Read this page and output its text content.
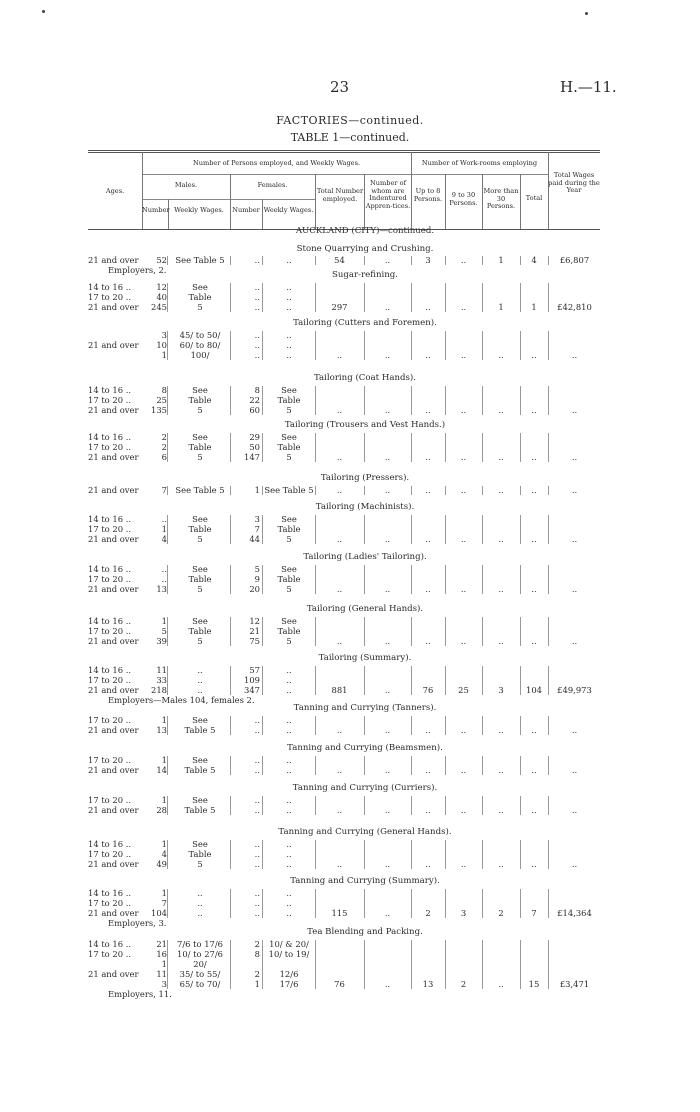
23	H.—11.
FACTORIES—continued.
TABLE 1—continued.
Ages.
Number of Persons employed, and Weekly Wages.
Males.	Females.
Number Weekly Wages.	Number Weekly Wages.
Total Number employed.
Number of whom are Indentured Appren-tices.
Number of Work-rooms employing
Up to 8 Persons.	9 to 30 Persons.
More than 30 Persons.
Total
Total Wages paid during the Year
AUCKLAND (CITY)—continued.
Stone Quarrying and Crushing.
21 and over	52 See Table 5	..	..	54	..	3	..	1	4	£6,807
Employers, 2.	Sugar-refining.
14 to 16 ..	12	See	..	..
17 to 20 ..	40	Table	..	..
21 and over	245	5	..	..	297	..	..	..	1	1	£42,810
Tailoring (Cutters and Foremen).
3	45/ to 50/	..	..
21 and over	10	60/ to 80/	..	..
1	100/	..	..	..	..	..	..	..	..	..
Tailoring (Coat Hands).
14 to 16 ..	8	See	8	See
17 to 20 ..	25	Table	22	Table
21 and over	135	5	60	5	..	..	..	..	..	..	..
Tailoring (Trousers and Vest Hands.)
14 to 16 ..	2	See	29	See
17 to 20 ..	2	Table	50	Table
21 and over	6	5	147	5	..	..	..	..	..	..	..
Tailoring (Pressers).
21 and over	7 See Table 5	1 See Table 5	..	..	..	..	..	..	..
Tailoring (Machinists).
14 to 16 ..	..	See	3	See
17 to 20 ..	1	Table	7	Table
21 and over	4	5	44	5	..	..	..	..	..	..	..
Tailoring (Ladies' Tailoring).
14 to 16 ..	..	See	5	See
17 to 20 ..	..	Table	9	Table
21 and over	13	5	20	5	..	..	..	..	..	..	..
Tailoring (General Hands).
14 to 16 ..	1	See	12	See
17 to 20 ..	5	Table	21	Table
21 and over	39	5	75	5	..	..	..	..	..	..	..
Tailoring (Summary).
14 to 16 ..	11	..	57	..
17 to 20 ..	33	..	109	..
21 and over	218	..	347	..	881	..	76	25	3	104	£49,973
Employers—Males 104, females 2.
Tanning and Currying (Tanners).
17 to 20 ..	1	See	..	..
21 and over	13	Table 5	..	..	..	..	..	..	..	..	..
Tanning and Currying (Beamsmen).
17 to 20 ..	1	See	..	..
21 and over	14	Table 5	..	..	..	..	..	..	..	..	..
Tanning and Currying (Curriers).
17 to 20 ..	1	See	..	..
21 and over	28	Table 5	..	..	..	..	..	..	..	..	..
Tanning and Currying (General Hands).
14 to 16 ..	1	See	..	..
17 to 20 ..	4	Table	..	..
21 and over	49	5	..	..	..	..	..	..	..	..	..
Tanning and Currying (Summary).
14 to 16 ..	1	..	..	..
17 to 20 ..	7	..	..	..
21 and over	104	..	..	..	115	..	2	3	2	7	£14,364
Employers, 3.
Tea Blending and Packing.
14 to 16 ..	21	7/6 to 17/6	2	10/ & 20/
17 to 20 ..	16	10/ to 27/6	8	10/ to 19/
1	20/
21 and over	11	35/ to 55/	2	12/6
3	65/ to 70/	1	17/6	76	..	13	2	..	15	£3,471
Employers, 11.
